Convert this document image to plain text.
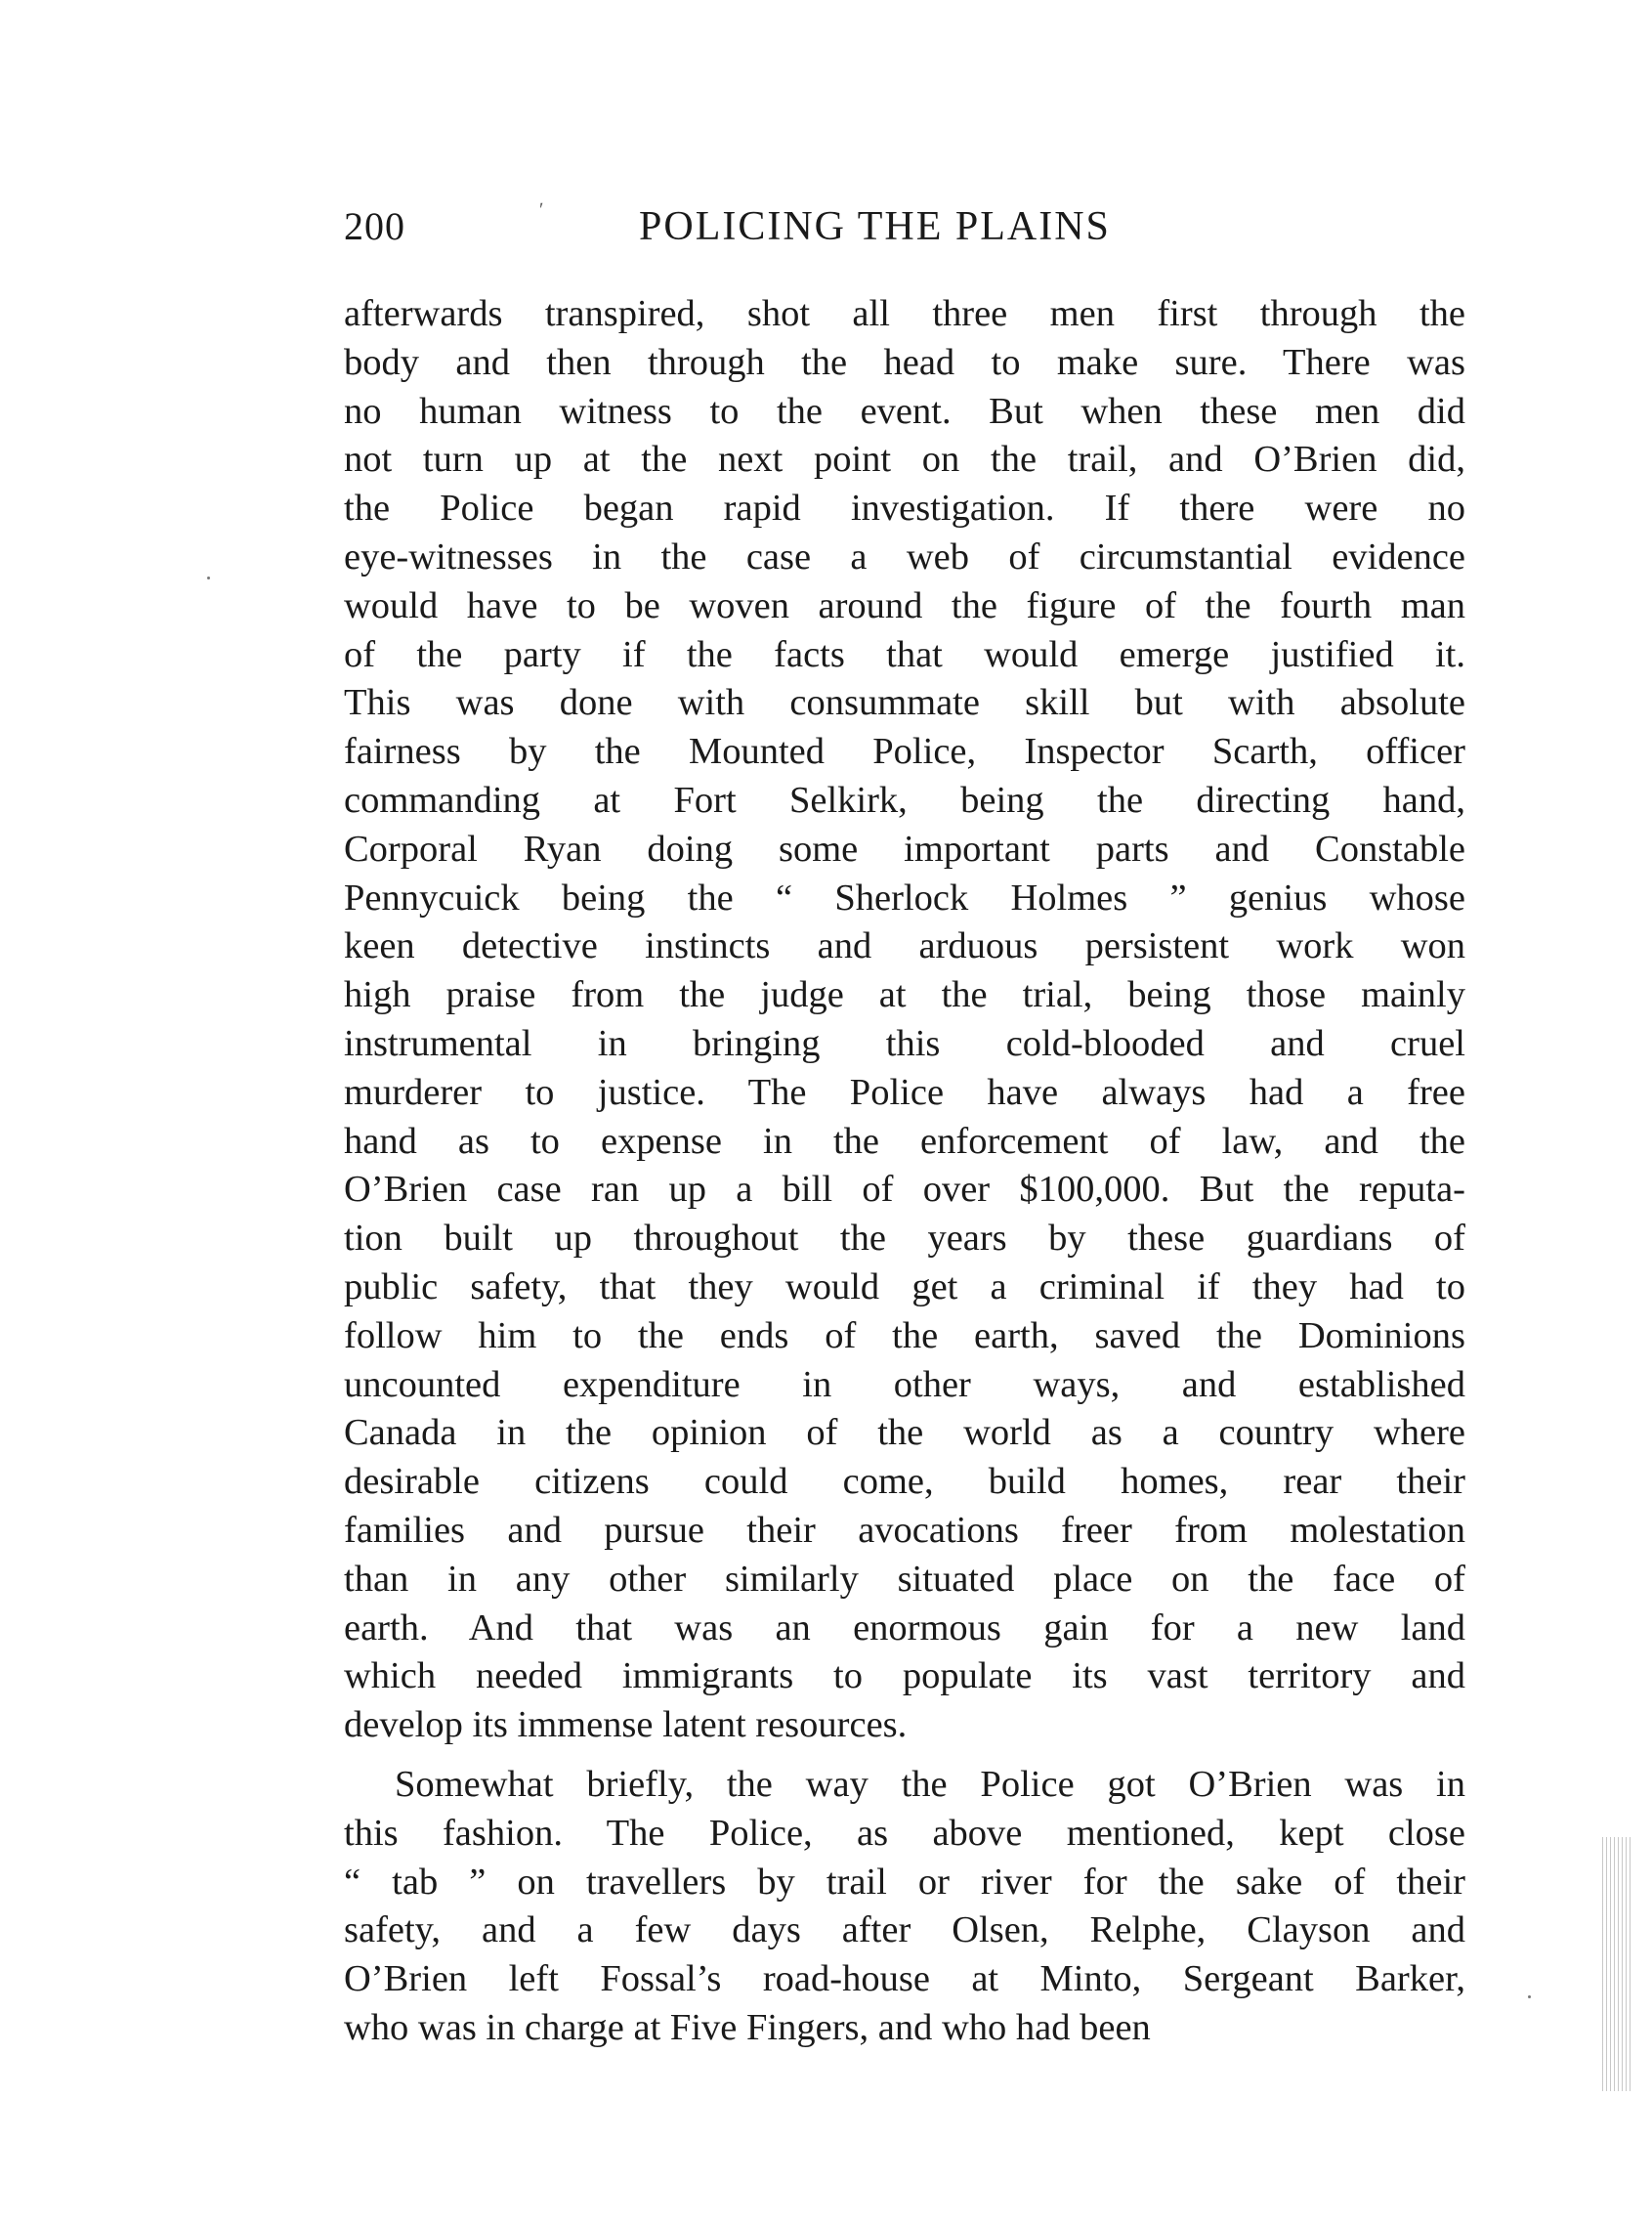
200	ʹ POLICING THE PLAINS

afterwards transpired, shot all three men first through the
body and then through the head to make sure. There was
no human witness to the event. But when these men did
not turn up at the next point on the trail, and O’Brien did,
the Police began rapid investigation. If there were no
eye-witnesses in the case a web of circumstantial evidence
would have to be woven around the figure of the fourth man
of the party if the facts that would emerge justified it.
This was done with consummate skill but with absolute
fairness by the Mounted Police, Inspector Scarth, officer
commanding at Fort Selkirk, being the directing hand,
Corporal Ryan doing some important parts and Constable
Pennycuick being the “ Sherlock Holmes ” genius whose
keen detective instincts and arduous persistent work won
high praise from the judge at the trial, being those mainly
instrumental in bringing this cold-blooded and cruel
murderer to justice. The Police have always had a free
hand as to expense in the enforcement of law, and the
O’Brien case ran up a bill of over $100,000. But the reputa-
tion built up throughout the years by these guardians of
public safety, that they would get a criminal if they had to
follow him to the ends of the earth, saved the Dominions
uncounted expenditure in other ways, and established
Canada in the opinion of the world as a country where
desirable citizens could come, build homes, rear their
families and pursue their avocations freer from molestation
than in any other similarly situated place on the face of
earth. And that was an enormous gain for a new land
which needed immigrants to populate its vast territory and
develop its immense latent resources.

Somewhat briefly, the way the Police got O’Brien was in
this fashion. The Police, as above mentioned, kept close
“ tab ” on travellers by trail or river for the sake of their
safety, and a few days after Olsen, Relphe, Clayson and
O’Brien left Fossal’s road-house at Minto, Sergeant Barker,
who was in charge at Five Fingers, and who had been
